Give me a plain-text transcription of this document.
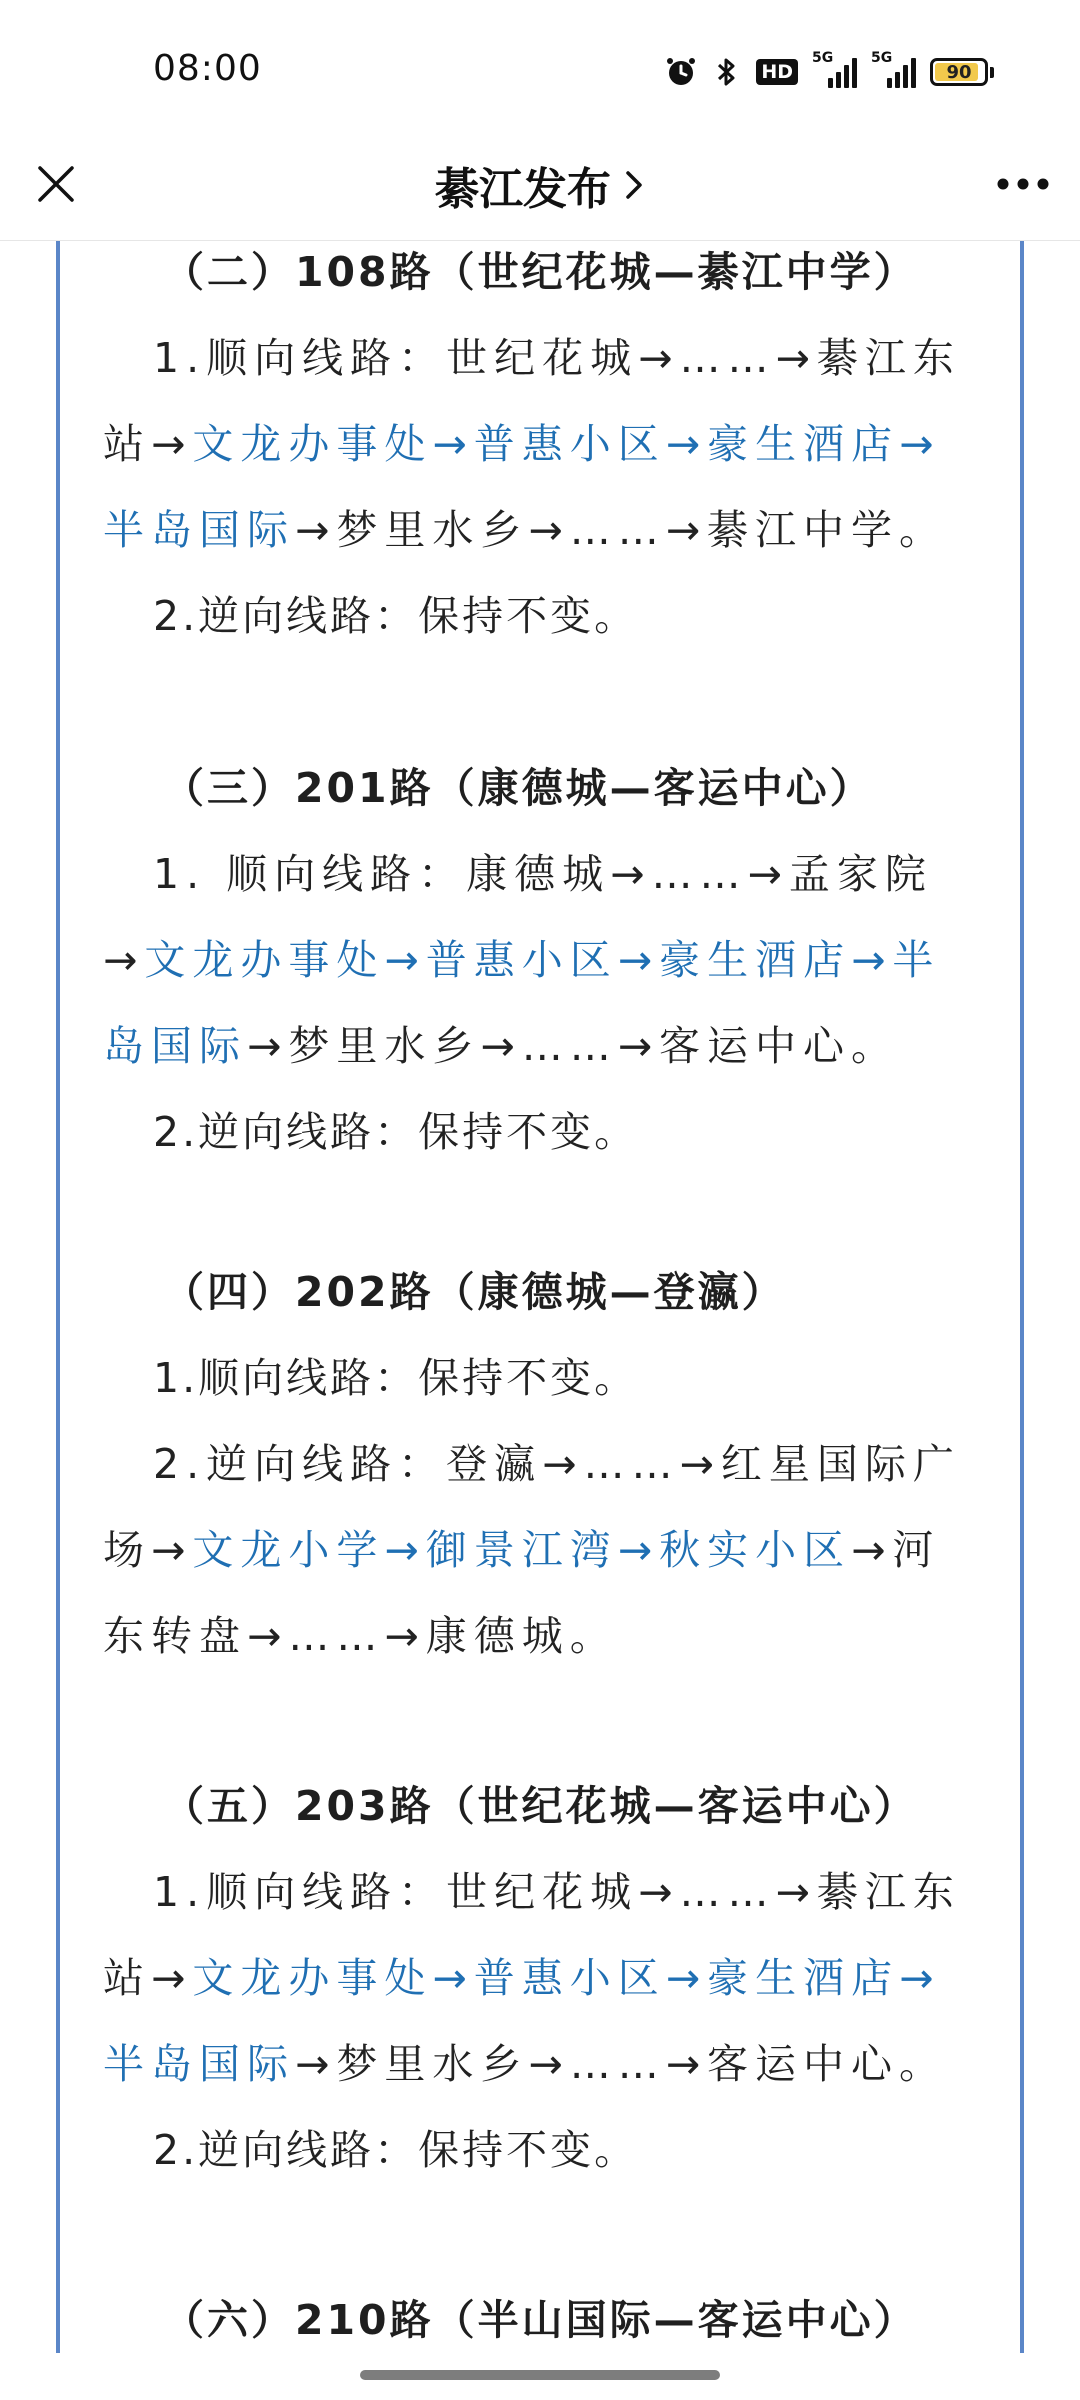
08:00	HD
5G	5G
90
綦江发布
（二）108路（世纪花城—綦江中学）
1.顺向线路：世纪花城→……→綦江东
站→文龙办事处→普惠小区→豪生酒店→
半岛国际→梦里水乡→……→綦江中学。
2.逆向线路：保持不变。
（三）201路（康德城—客运中心）
1. 顺向线路：康德城→……→孟家院
→文龙办事处→普惠小区→豪生酒店→半
岛国际→梦里水乡→……→客运中心。
2.逆向线路：保持不变。
（四）202路（康德城—登瀛）
1.顺向线路：保持不变。
2.逆向线路：登瀛→……→红星国际广
场→文龙小学→御景江湾→秋实小区→河
东转盘→……→康德城。
（五）203路（世纪花城—客运中心）
1.顺向线路：世纪花城→……→綦江东
站→文龙办事处→普惠小区→豪生酒店→
半岛国际→梦里水乡→……→客运中心。
2.逆向线路：保持不变。
（六）210路（半山国际—客运中心）
